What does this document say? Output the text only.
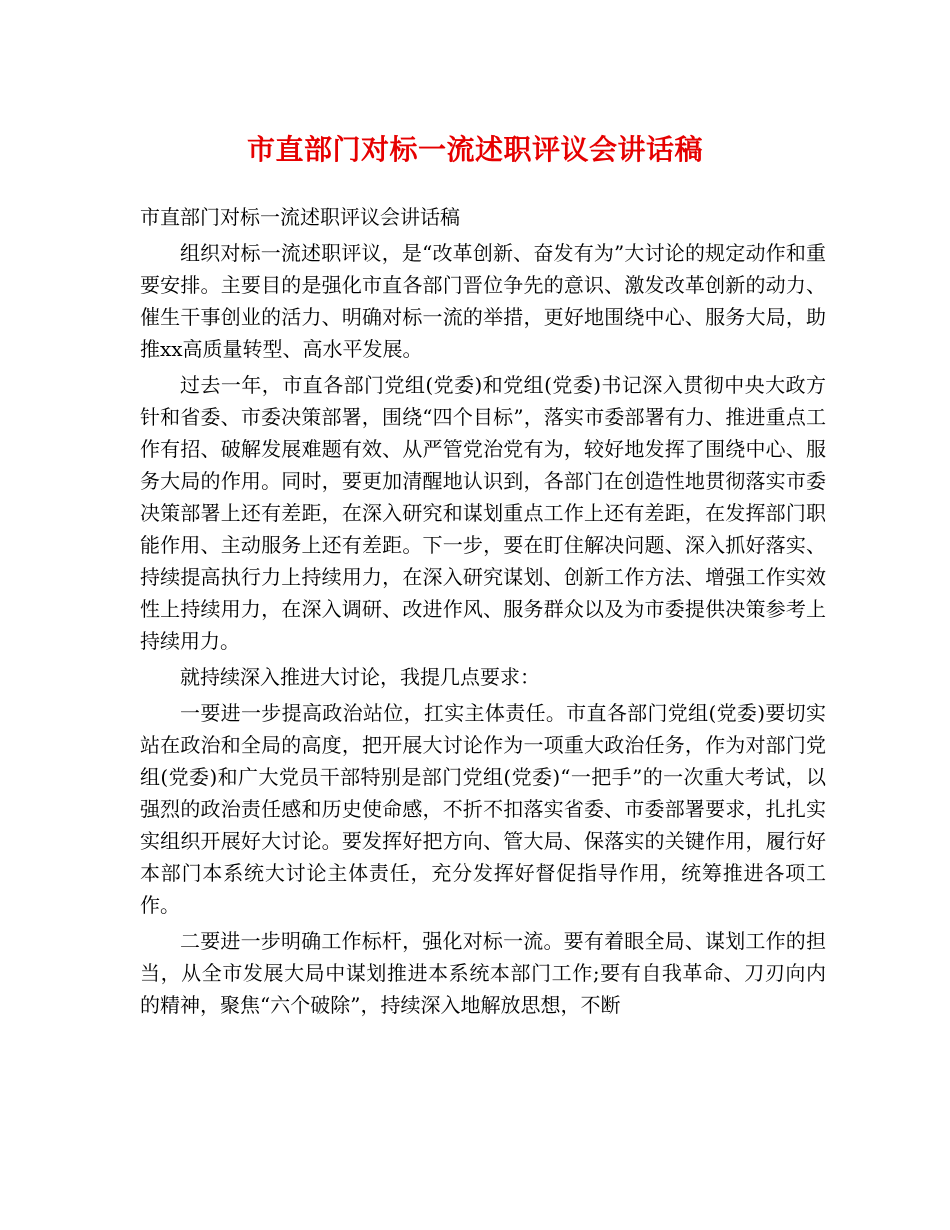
市直部门对标一流述职评议会讲话稿

市直部门对标一流述职评议会讲话稿

组织对标一流述职评议，是“改革创新、奋发有为”大讨论的规定动作和重要安排。主要目的是强化市直各部门晋位争先的意识、激发改革创新的动力、催生干事创业的活力、明确对标一流的举措，更好地围绕中心、服务大局，助推xx高质量转型、高水平发展。

过去一年，市直各部门党组(党委)和党组(党委)书记深入贯彻中央大政方针和省委、市委决策部署，围绕“四个目标”，落实市委部署有力、推进重点工作有招、破解发展难题有效、从严管党治党有为，较好地发挥了围绕中心、服务大局的作用。同时，要更加清醒地认识到，各部门在创造性地贯彻落实市委决策部署上还有差距，在深入研究和谋划重点工作上还有差距，在发挥部门职能作用、主动服务上还有差距。下一步，要在盯住解决问题、深入抓好落实、持续提高执行力上持续用力，在深入研究谋划、创新工作方法、增强工作实效性上持续用力，在深入调研、改进作风、服务群众以及为市委提供决策参考上持续用力。

就持续深入推进大讨论，我提几点要求：

一要进一步提高政治站位，扛实主体责任。市直各部门党组(党委)要切实站在政治和全局的高度，把开展大讨论作为一项重大政治任务，作为对部门党组(党委)和广大党员干部特别是部门党组(党委)“一把手”的一次重大考试，以强烈的政治责任感和历史使命感，不折不扣落实省委、市委部署要求，扎扎实实组织开展好大讨论。要发挥好把方向、管大局、保落实的关键作用，履行好本部门本系统大讨论主体责任，充分发挥好督促指导作用，统筹推进各项工作。

二要进一步明确工作标杆，强化对标一流。要有着眼全局、谋划工作的担当，从全市发展大局中谋划推进本系统本部门工作;要有自我革命、刀刃向内的精神，聚焦“六个破除”，持续深入地解放思想，不断
